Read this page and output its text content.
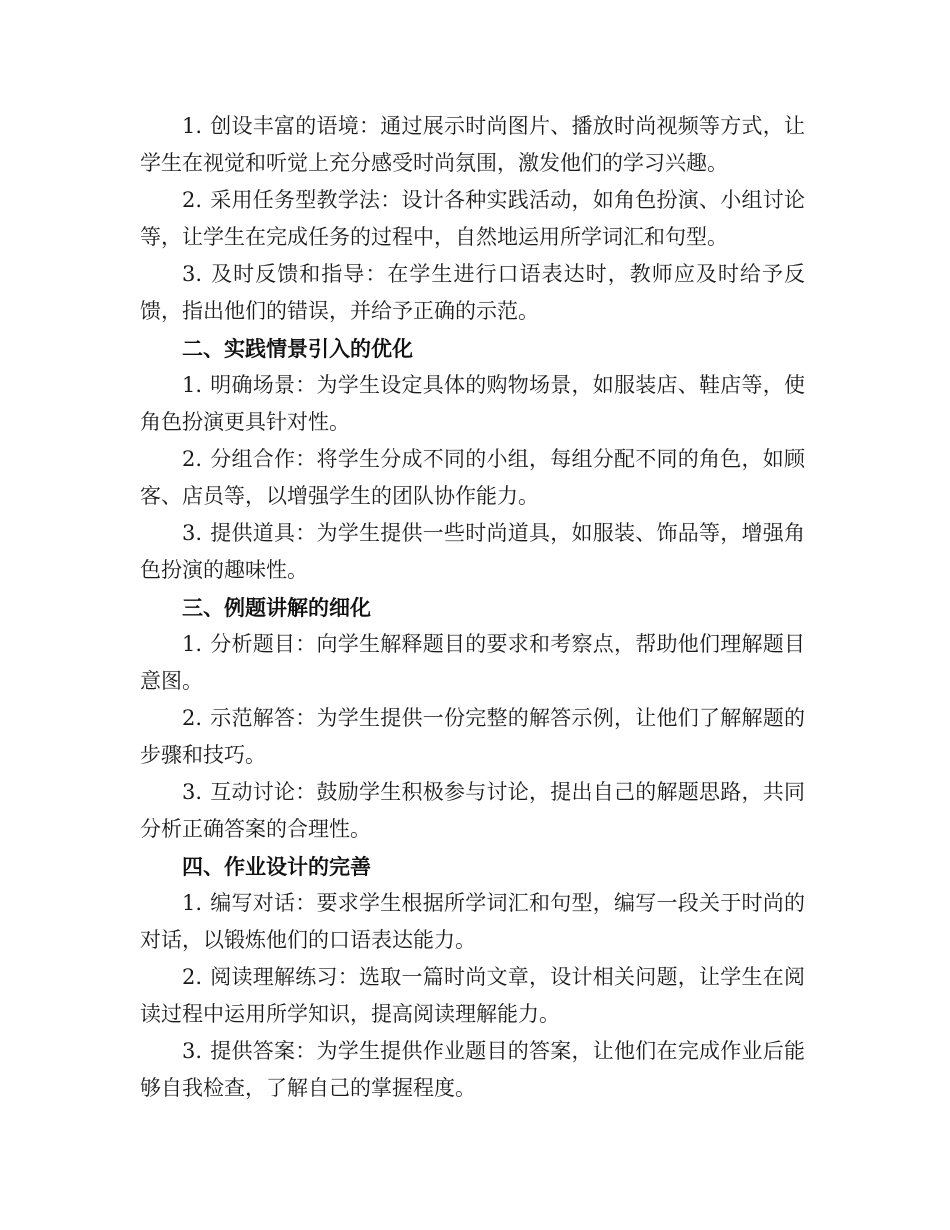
1. 创设丰富的语境：通过展示时尚图片、播放时尚视频等方式，让学生在视觉和听觉上充分感受时尚氛围，激发他们的学习兴趣。

2. 采用任务型教学法：设计各种实践活动，如角色扮演、小组讨论等，让学生在完成任务的过程中，自然地运用所学词汇和句型。

3. 及时反馈和指导：在学生进行口语表达时，教师应及时给予反馈，指出他们的错误，并给予正确的示范。

二、实践情景引入的优化

1. 明确场景：为学生设定具体的购物场景，如服装店、鞋店等，使角色扮演更具针对性。

2. 分组合作：将学生分成不同的小组，每组分配不同的角色，如顾客、店员等，以增强学生的团队协作能力。

3. 提供道具：为学生提供一些时尚道具，如服装、饰品等，增强角色扮演的趣味性。

三、例题讲解的细化

1. 分析题目：向学生解释题目的要求和考察点，帮助他们理解题目意图。

2. 示范解答：为学生提供一份完整的解答示例，让他们了解解题的步骤和技巧。

3. 互动讨论：鼓励学生积极参与讨论，提出自己的解题思路，共同分析正确答案的合理性。

四、作业设计的完善

1. 编写对话：要求学生根据所学词汇和句型，编写一段关于时尚的对话，以锻炼他们的口语表达能力。

2. 阅读理解练习：选取一篇时尚文章，设计相关问题，让学生在阅读过程中运用所学知识，提高阅读理解能力。

3. 提供答案：为学生提供作业题目的答案，让他们在完成作业后能够自我检查，了解自己的掌握程度。
